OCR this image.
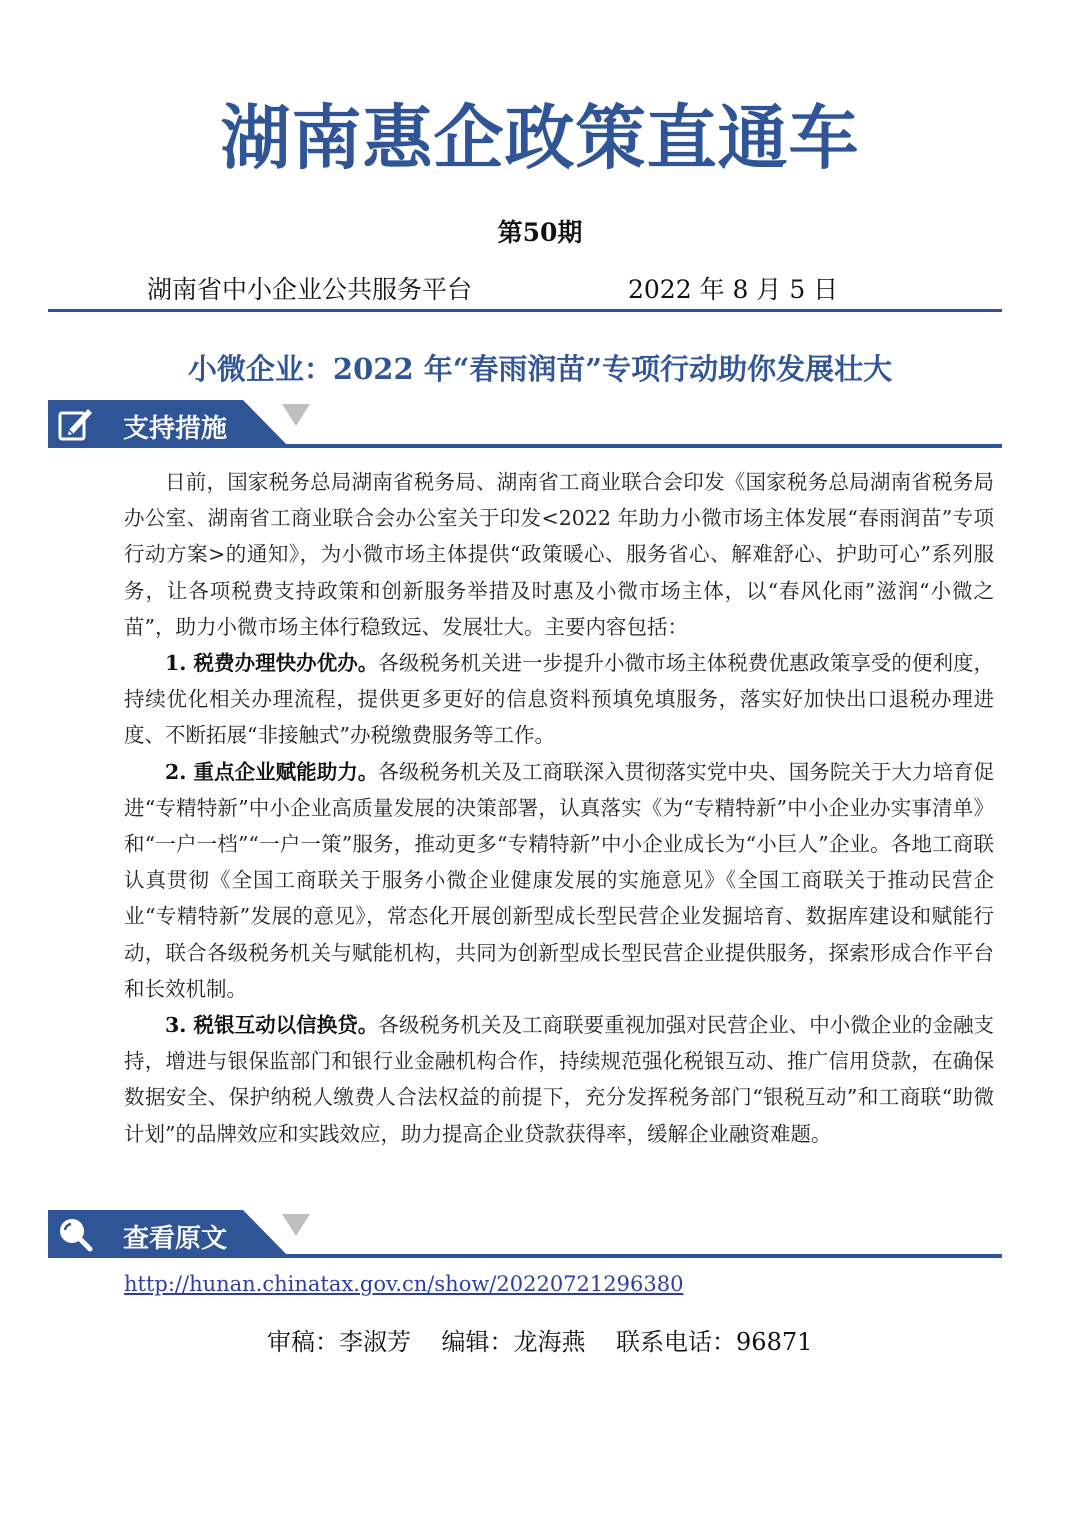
湖南惠企政策直通车
第50期
湖南省中小企业公共服务平台	2022 年 8 月 5 日
小微企业：2022 年“春雨润苗”专项行动助你发展壮大
支持措施

日前，国家税务总局湖南省税务局、湖南省工商业联合会印发《国家税务总局湖南省税务局办公室、湖南省工商业联合会办公室关于印发<2022 年助力小微市场主体发展“春雨润苗”专项行动方案>的通知》，为小微市场主体提供“政策暖心、服务省心、解难舒心、护助可心”系列服务，让各项税费支持政策和创新服务举措及时惠及小微市场主体，以“春风化雨”滋润“小微之苗”，助力小微市场主体行稳致远、发展壮大。主要内容包括：

1. 税费办理快办优办。各级税务机关进一步提升小微市场主体税费优惠政策享受的便利度，持续优化相关办理流程，提供更多更好的信息资料预填免填服务，落实好加快出口退税办理进度、不断拓展“非接触式”办税缴费服务等工作。

2. 重点企业赋能助力。各级税务机关及工商联深入贯彻落实党中央、国务院关于大力培育促进“专精特新”中小企业高质量发展的决策部署，认真落实《为“专精特新”中小企业办实事清单》和“一户一档”“一户一策”服务，推动更多“专精特新”中小企业成长为“小巨人”企业。各地工商联认真贯彻《全国工商联关于服务小微企业健康发展的实施意见》《全国工商联关于推动民营企业“专精特新”发展的意见》，常态化开展创新型成长型民营企业发掘培育、数据库建设和赋能行动，联合各级税务机关与赋能机构，共同为创新型成长型民营企业提供服务，探索形成合作平台和长效机制。

3. 税银互动以信换贷。各级税务机关及工商联要重视加强对民营企业、中小微企业的金融支持，增进与银保监部门和银行业金融机构合作，持续规范强化税银互动、推广信用贷款，在确保数据安全、保护纳税人缴费人合法权益的前提下，充分发挥税务部门“银税互动”和工商联“助微计划”的品牌效应和实践效应，助力提高企业贷款获得率，缓解企业融资难题。

查看原文
http://hunan.chinatax.gov.cn/show/20220721296380
审稿：李淑芳    编辑：龙海燕    联系电话：96871
